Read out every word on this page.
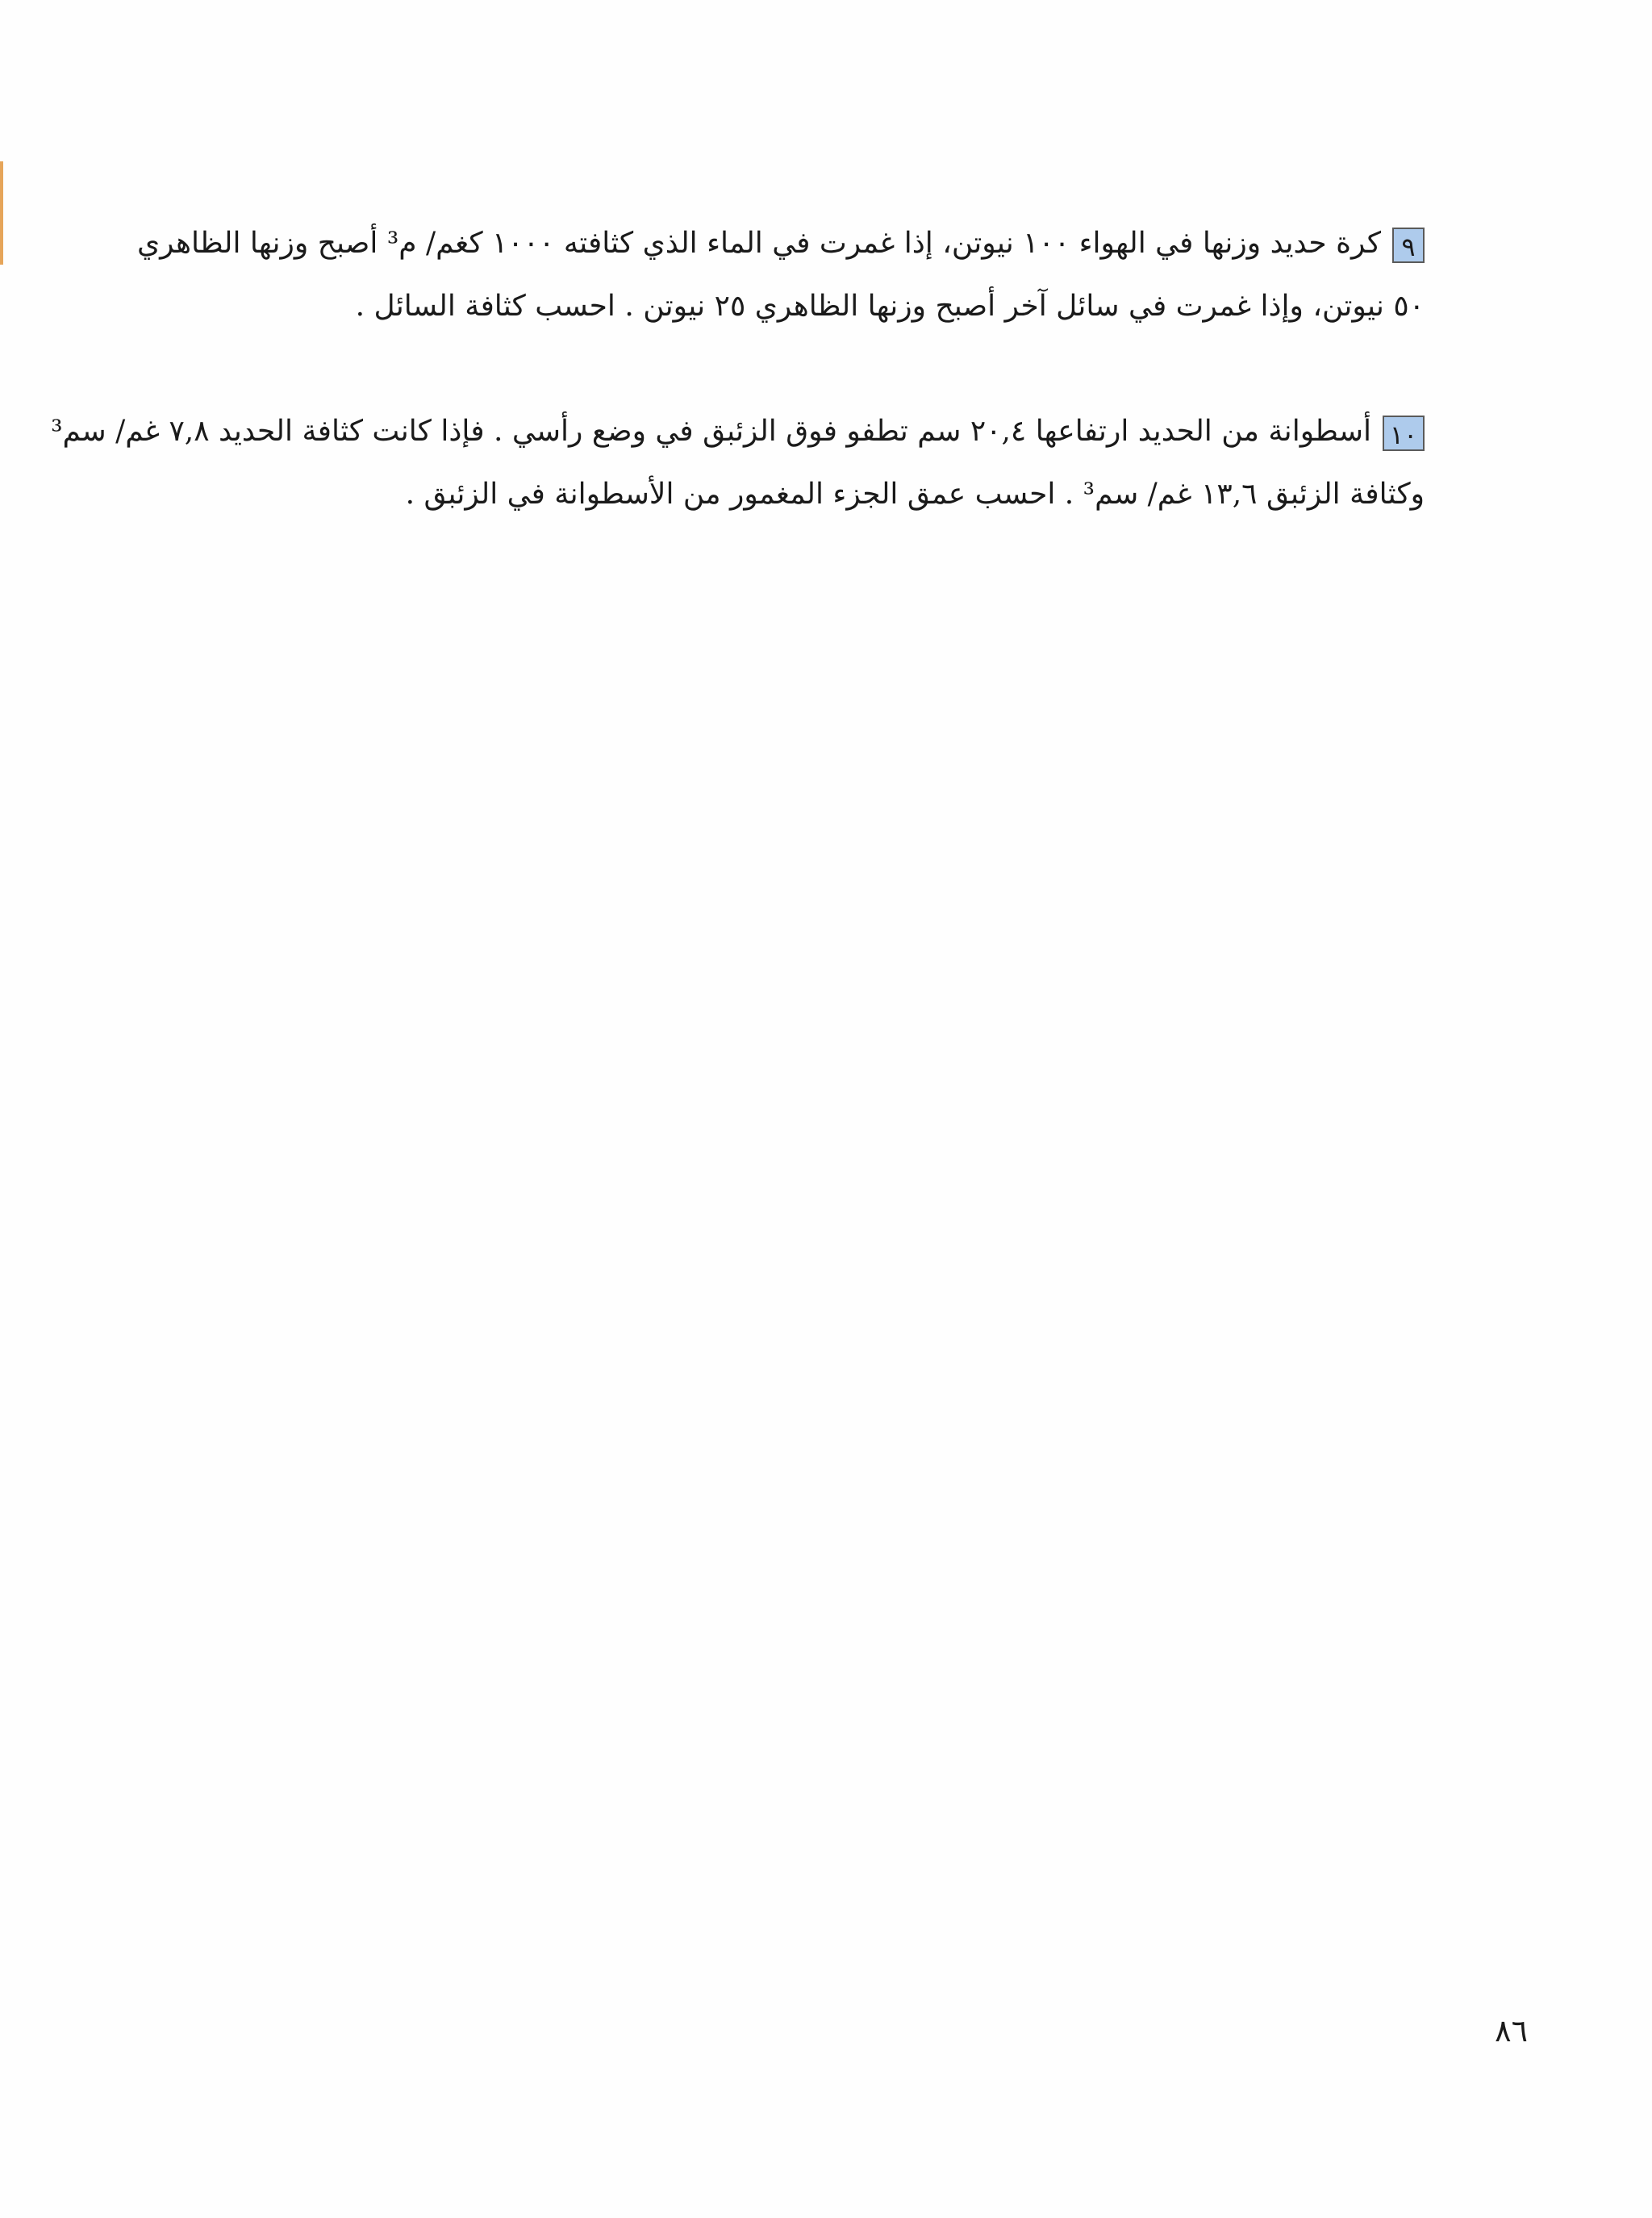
٩كرة حديد وزنها في الهواء ١٠٠ نيوتن، إذا غمرت في الماء الذي كثافته ١٠٠٠ كغم/ م³ أصبح وزنها الظاهري
٥٠ نيوتن، وإذا غمرت في سائل آخر أصبح وزنها الظاهري ٢٥ نيوتن . احسب كثافة السائل .
١٠أسطوانة من الحديد ارتفاعها ٢٠,٤ سم تطفو فوق الزئبق في وضع رأسي . فإذا كانت كثافة الحديد ٧,٨ غم/ سم³
وكثافة الزئبق ١٣,٦ غم/ سم³ . احسب عمق الجزء المغمور من الأسطوانة في الزئبق .
٨٦
